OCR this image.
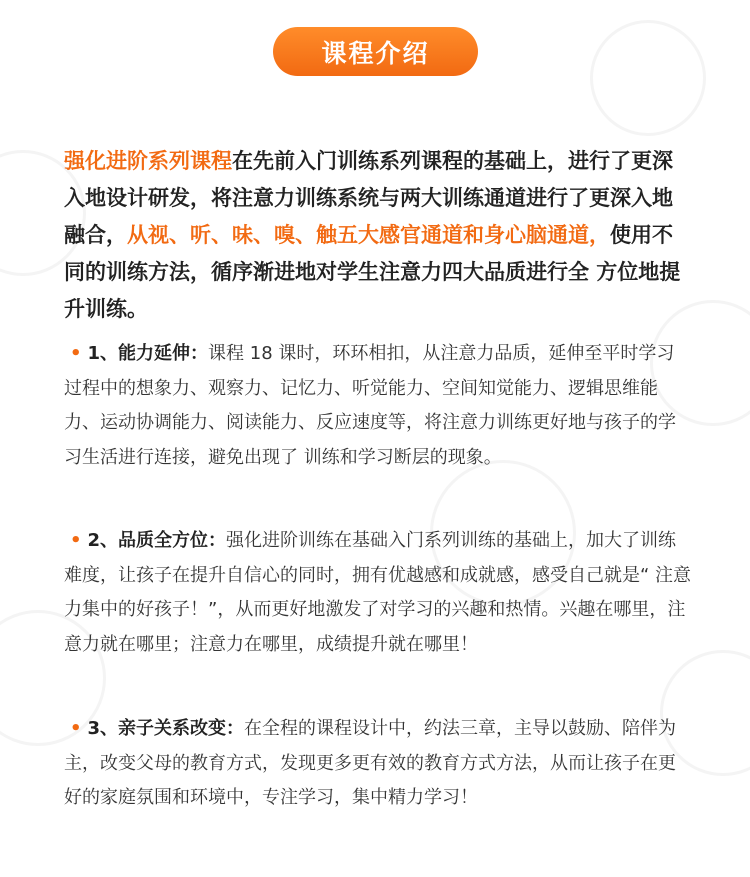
课程介绍

强化进阶系列课程在先前入门训练系列课程的基础上，进行了更深入地设计研发，将注意力训练系统与两大训练通道进行了更深入地融合，从视、听、味、嗅、触五大感官通道和身心脑通道，使用不同的训练方法，循序渐进地对学生注意力四大品质进行全 方位地提升训练。

• 1、能力延伸：课程 18 课时，环环相扣，从注意力品质，延伸至平时学习过程中的想象力、观察力、记忆力、听觉能力、空间知觉能力、逻辑思维能力、运动协调能力、阅读能力、反应速度等，将注意力训练更好地与孩子的学习生活进行连接，避免出现了 训练和学习断层的现象。

• 2、品质全方位：强化进阶训练在基础入门系列训练的基础上，加大了训练难度，让孩子在提升自信心的同时，拥有优越感和成就感，感受自己就是“ 注意力集中的好孩子！”，从而更好地激发了对学习的兴趣和热情。兴趣在哪里，注意力就在哪里；注意力在哪里，成绩提升就在哪里！

• 3、亲子关系改变：在全程的课程设计中，约法三章，主导以鼓励、陪伴为主，改变父母的教育方式，发现更多更有效的教育方式方法，从而让孩子在更好的家庭氛围和环境中，专注学习，集中精力学习！
